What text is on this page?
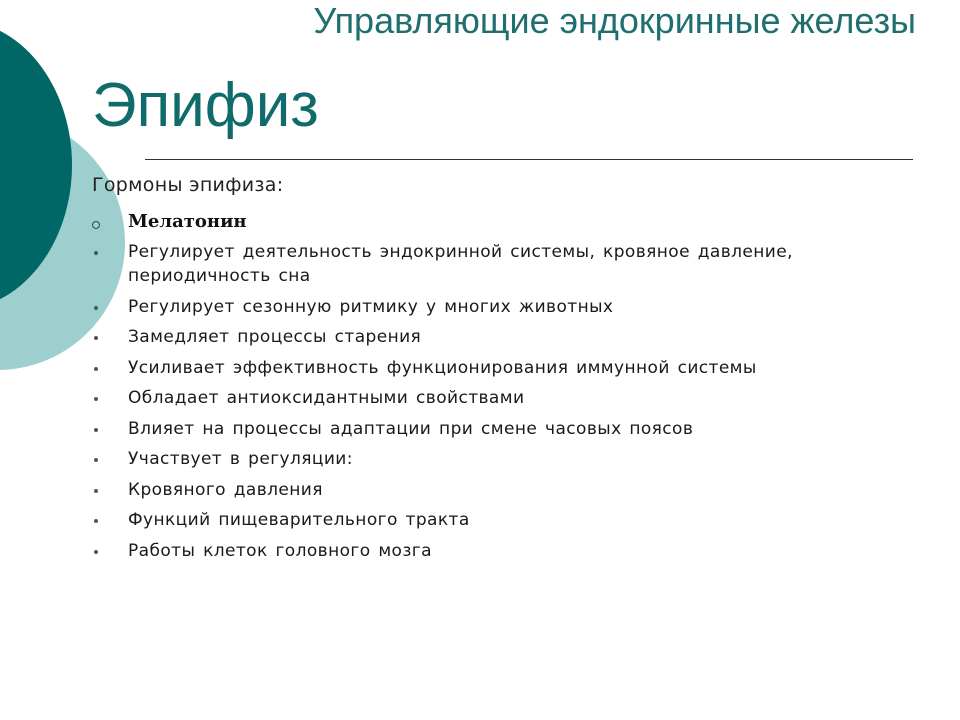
Управляющие эндокринные железы
Эпифиз

Гормоны эпифиза:

Мелатонин
Регулирует деятельность эндокринной системы, кровяное давление, периодичность сна
Регулирует сезонную ритмику у многих животных
Замедляет процессы старения
Усиливает эффективность функционирования иммунной системы
Обладает антиоксидантными свойствами
Влияет на процессы адаптации при смене часовых поясов
Участвует в регуляции:
Кровяного давления
Функций пищеварительного тракта
Работы клеток головного мозга
